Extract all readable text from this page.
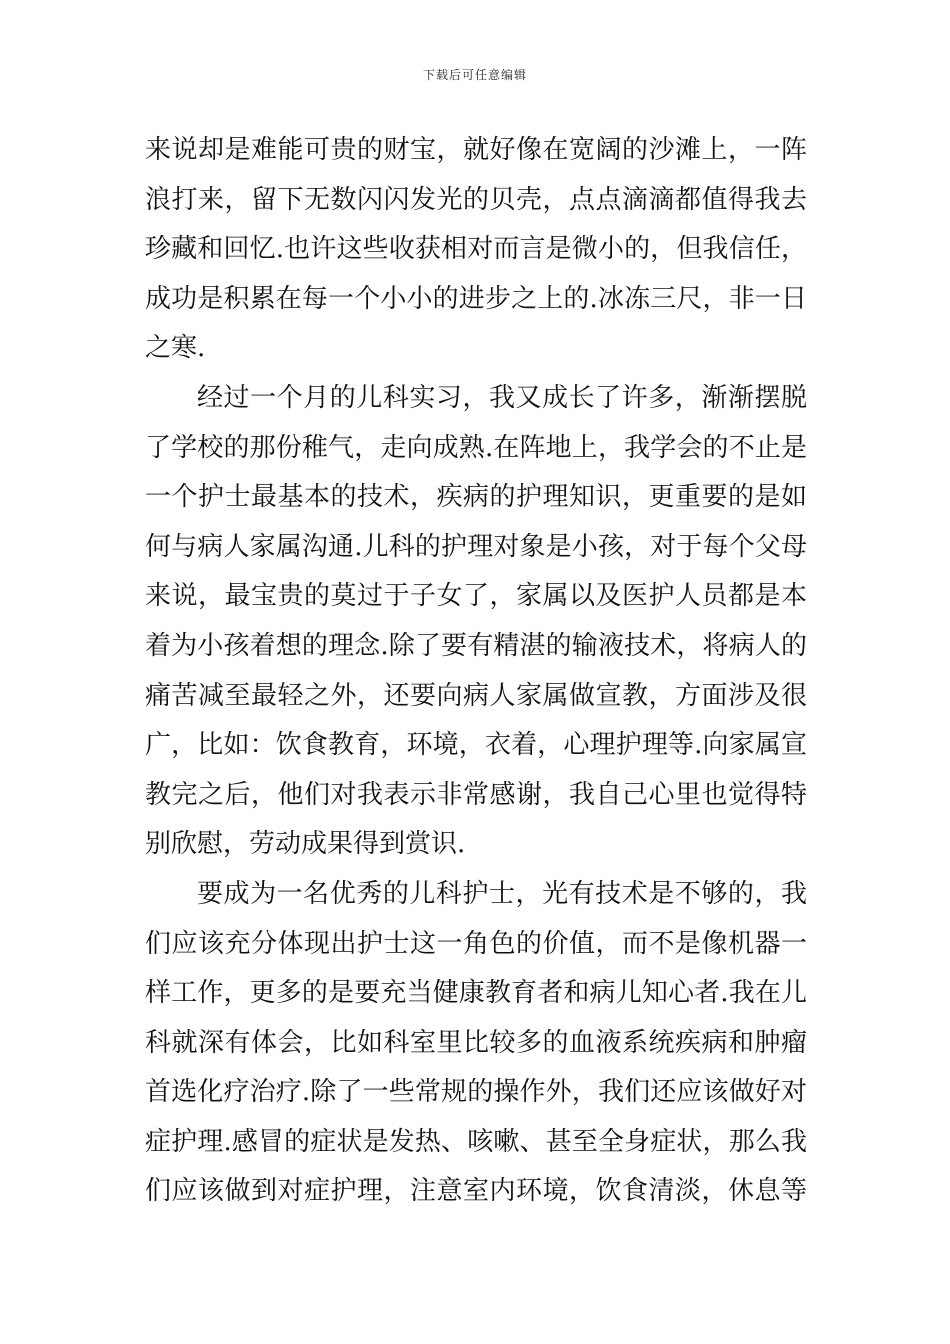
下载后可任意编辑
来说却是难能可贵的财宝，就好像在宽阔的沙滩上，一阵
浪打来，留下无数闪闪发光的贝壳，点点滴滴都值得我去
珍藏和回忆.也许这些收获相对而言是微小的，但我信任，
成功是积累在每一个小小的进步之上的.冰冻三尺，非一日
之寒.
经过一个月的儿科实习，我又成长了许多，渐渐摆脱
了学校的那份稚气，走向成熟.在阵地上，我学会的不止是
一个护士最基本的技术，疾病的护理知识，更重要的是如
何与病人家属沟通.儿科的护理对象是小孩，对于每个父母
来说，最宝贵的莫过于子女了，家属以及医护人员都是本
着为小孩着想的理念.除了要有精湛的输液技术，将病人的
痛苦减至最轻之外，还要向病人家属做宣教，方面涉及很
广，比如：饮食教育，环境，衣着，心理护理等.向家属宣
教完之后，他们对我表示非常感谢，我自己心里也觉得特
别欣慰，劳动成果得到赏识.
要成为一名优秀的儿科护士，光有技术是不够的，我
们应该充分体现出护士这一角色的价值，而不是像机器一
样工作，更多的是要充当健康教育者和病儿知心者.我在儿
科就深有体会，比如科室里比较多的血液系统疾病和肿瘤
首选化疗治疗.除了一些常规的操作外，我们还应该做好对
症护理.感冒的症状是发热、咳嗽、甚至全身症状，那么我
们应该做到对症护理，注意室内环境，饮食清淡，休息等
